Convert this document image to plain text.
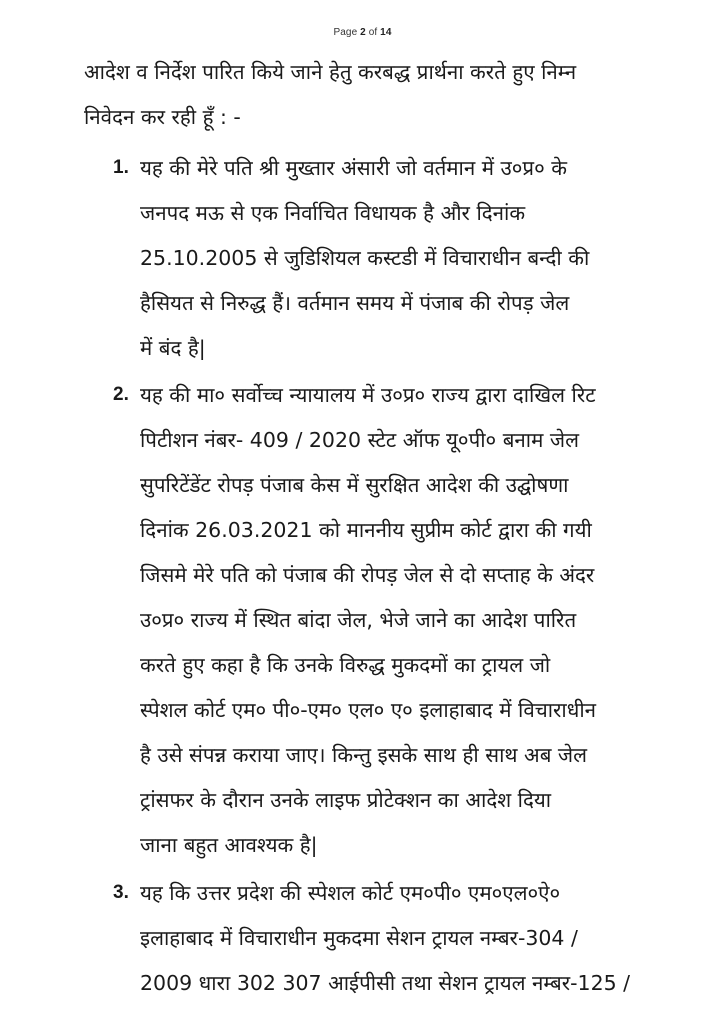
Page 2 of 14
आदेश व निर्देश पारित किये जाने हेतु करबद्ध प्रार्थना करते हुए निम्न
निवेदन कर रही हूँ : -
1. यह की मेरे पति श्री मुख्तार अंसारी जो वर्तमान में उ०प्र० के
जनपद मऊ से एक निर्वाचित विधायक है और दिनांक
25.10.2005 से जुडिशियल कस्टडी में विचाराधीन बन्दी की
हैसियत से निरुद्ध हैं। वर्तमान समय में पंजाब की रोपड़ जेल
में बंद है|
2. यह की मा० सर्वोच्च न्यायालय में उ०प्र० राज्य द्वारा दाखिल रिट
पिटीशन नंबर- 409 / 2020 स्टेट ऑफ यू०पी० बनाम जेल
सुपरिटेंडेंट रोपड़ पंजाब केस में सुरक्षित आदेश की उद्घोषणा
दिनांक 26.03.2021 को माननीय सुप्रीम कोर्ट द्वारा की गयी
जिसमे मेरे पति को पंजाब की रोपड़ जेल से दो सप्ताह के अंदर
उ०प्र० राज्य में स्थित बांदा जेल, भेजे जाने का आदेश पारित
करते हुए कहा है कि उनके विरुद्ध मुकदमों का ट्रायल जो
स्पेशल कोर्ट एम० पी०-एम० एल० ए० इलाहाबाद में विचाराधीन
है उसे संपन्न कराया जाए। किन्तु इसके साथ ही साथ अब जेल
ट्रांसफर के दौरान उनके लाइफ प्रोटेक्शन का आदेश दिया
जाना बहुत आवश्यक है|
3. यह कि उत्तर प्रदेश की स्पेशल कोर्ट एम०पी० एम०एल०ऐ०
इलाहाबाद में विचाराधीन मुकदमा सेशन ट्रायल नम्बर-304 /
2009 धारा 302 307 आईपीसी तथा सेशन ट्रायल नम्बर-125 /
